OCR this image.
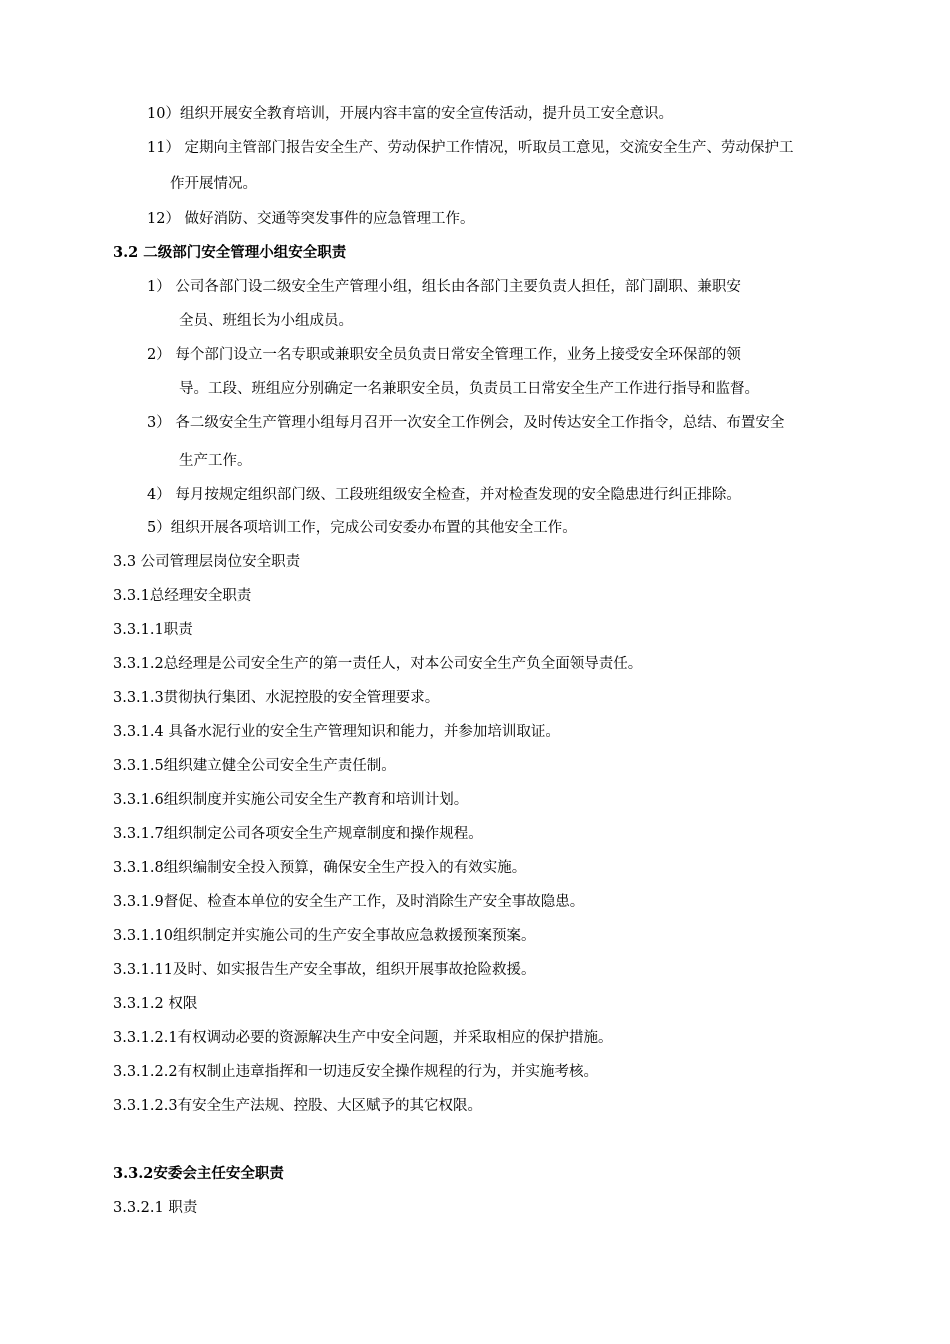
10）组织开展安全教育培训，开展内容丰富的安全宣传活动，提升员工安全意识。
11） 定期向主管部门报告安全生产、劳动保护工作情况，听取员工意见，交流安全生产、劳动保护工
作开展情况。
12） 做好消防、交通等突发事件的应急管理工作。
3.2 二级部门安全管理小组安全职责
1） 公司各部门设二级安全生产管理小组，组长由各部门主要负责人担任，部门副职、兼职安
全员、班组长为小组成员。
2） 每个部门设立一名专职或兼职安全员负责日常安全管理工作，业务上接受安全环保部的领
导。工段、班组应分别确定一名兼职安全员，负责员工日常安全生产工作进行指导和监督。
3） 各二级安全生产管理小组每月召开一次安全工作例会，及时传达安全工作指令，总结、布置安全
生产工作。
4） 每月按规定组织部门级、工段班组级安全检查，并对检查发现的安全隐患进行纠正排除。
5）组织开展各项培训工作，完成公司安委办布置的其他安全工作。
3.3 公司管理层岗位安全职责
3.3.1总经理安全职责
3.3.1.1职责
3.3.1.2总经理是公司安全生产的第一责任人，对本公司安全生产负全面领导责任。
3.3.1.3贯彻执行集团、水泥控股的安全管理要求。
3.3.1.4 具备水泥行业的安全生产管理知识和能力，并参加培训取证。
3.3.1.5组织建立健全公司安全生产责任制。
3.3.1.6组织制度并实施公司安全生产教育和培训计划。
3.3.1.7组织制定公司各项安全生产规章制度和操作规程。
3.3.1.8组织编制安全投入预算，确保安全生产投入的有效实施。
3.3.1.9督促、检查本单位的安全生产工作，及时消除生产安全事故隐患。
3.3.1.10组织制定并实施公司的生产安全事故应急救援预案预案。
3.3.1.11及时、如实报告生产安全事故，组织开展事故抢险救援。
3.3.1.2 权限
3.3.1.2.1有权调动必要的资源解决生产中安全问题，并采取相应的保护措施。
3.3.1.2.2有权制止违章指挥和一切违反安全操作规程的行为，并实施考核。
3.3.1.2.3有安全生产法规、控股、大区赋予的其它权限。
3.3.2安委会主任安全职责
3.3.2.1 职责
